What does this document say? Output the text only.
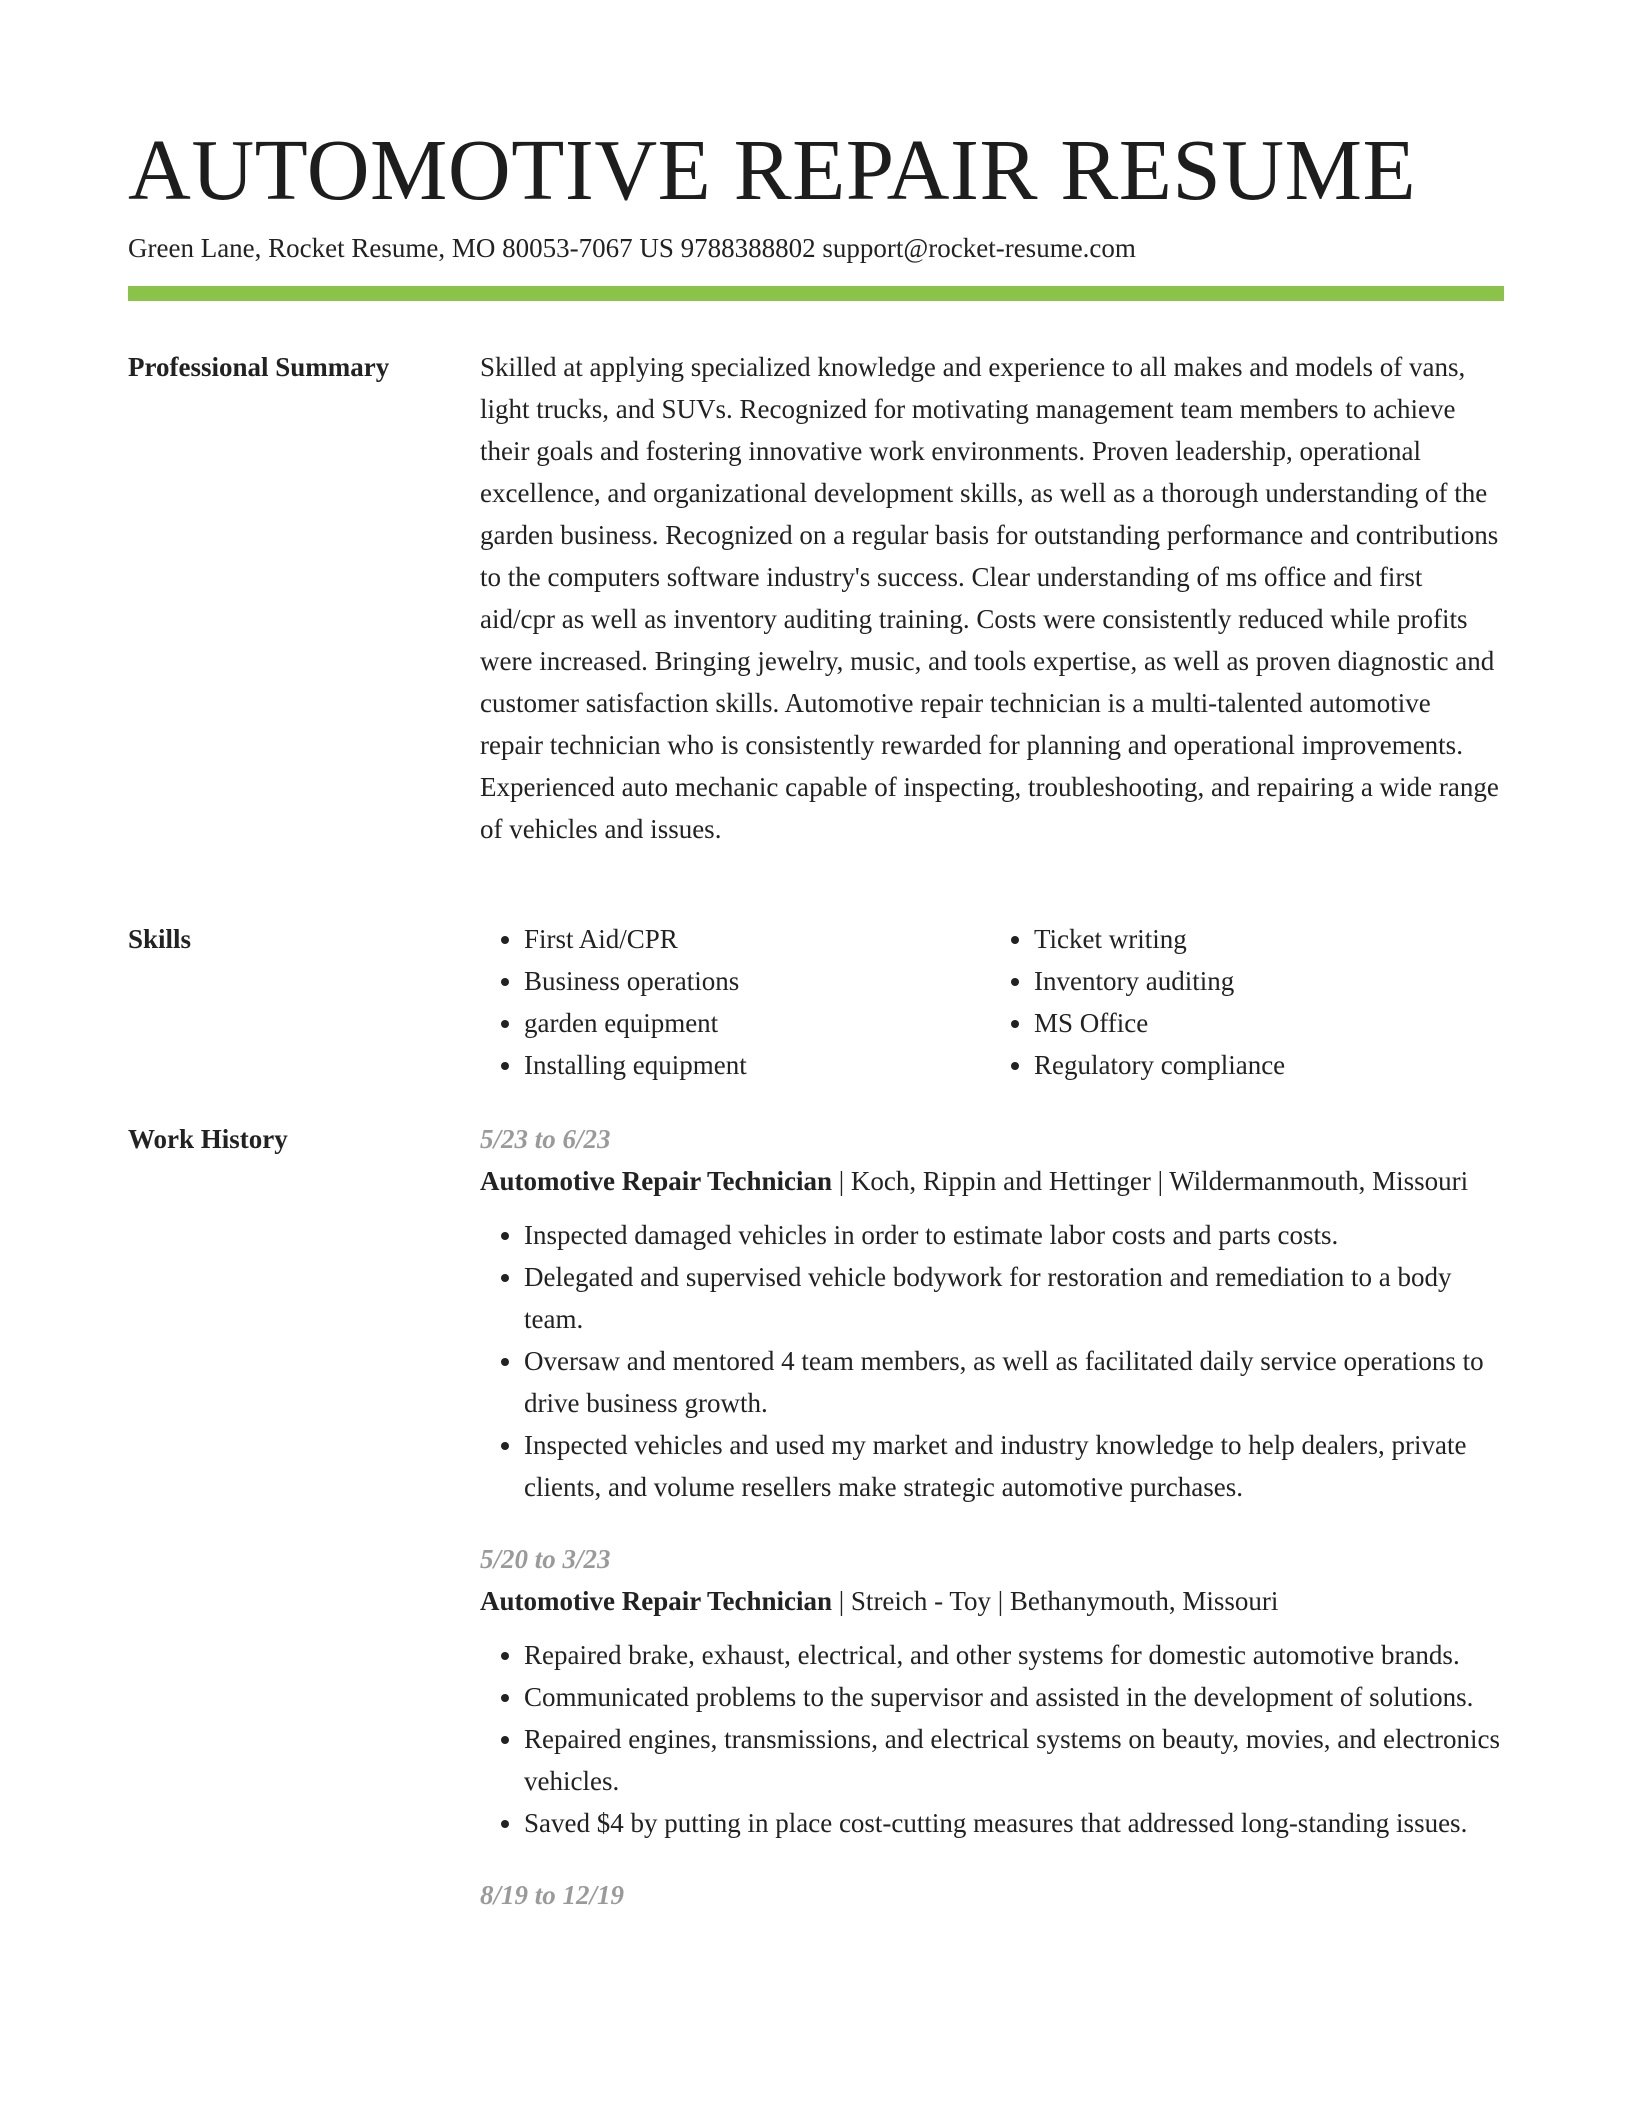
AUTOMOTIVE REPAIR RESUME
Green Lane, Rocket Resume, MO 80053-7067 US 9788388802 support@rocket-resume.com
Professional Summary	Skilled at applying specialized knowledge and experience to all makes and models of vans, light trucks, and SUVs. Recognized for motivating management team members to achieve their goals and fostering innovative work environments. Proven leadership, operational excellence, and organizational development skills, as well as a thorough understanding of the garden business. Recognized on a regular basis for outstanding performance and contributions to the computers software industry's success. Clear understanding of ms office and first aid/cpr as well as inventory auditing training. Costs were consistently reduced while profits were increased. Bringing jewelry, music, and tools expertise, as well as proven diagnostic and customer satisfaction skills. Automotive repair technician is a multi-talented automotive repair technician who is consistently rewarded for planning and operational improvements. Experienced auto mechanic capable of inspecting, troubleshooting, and repairing a wide range of vehicles and issues.

Skills
•	First Aid/CPR
• Business operations
• garden equipment
• Installing equipment
• Ticket writing
• Inventory auditing
• MS Office
• Regulatory compliance
Work History	5/23 to 6/23
Automotive Repair Technician | Koch, Rippin and Hettinger | Wildermanmouth, Missouri
• Inspected damaged vehicles in order to estimate labor costs and parts costs.
• Delegated and supervised vehicle bodywork for restoration and remediation to a body team.
• Oversaw and mentored 4 team members, as well as facilitated daily service operations to drive business growth.
• Inspected vehicles and used my market and industry knowledge to help dealers, private clients, and volume resellers make strategic automotive purchases.
5/20 to 3/23
Automotive Repair Technician | Streich - Toy | Bethanymouth, Missouri
• Repaired brake, exhaust, electrical, and other systems for domestic automotive brands.
• Communicated problems to the supervisor and assisted in the development of solutions.
• Repaired engines, transmissions, and electrical systems on beauty, movies, and electronics vehicles.
• Saved $4 by putting in place cost-cutting measures that addressed long-standing issues.
8/19 to 12/19
